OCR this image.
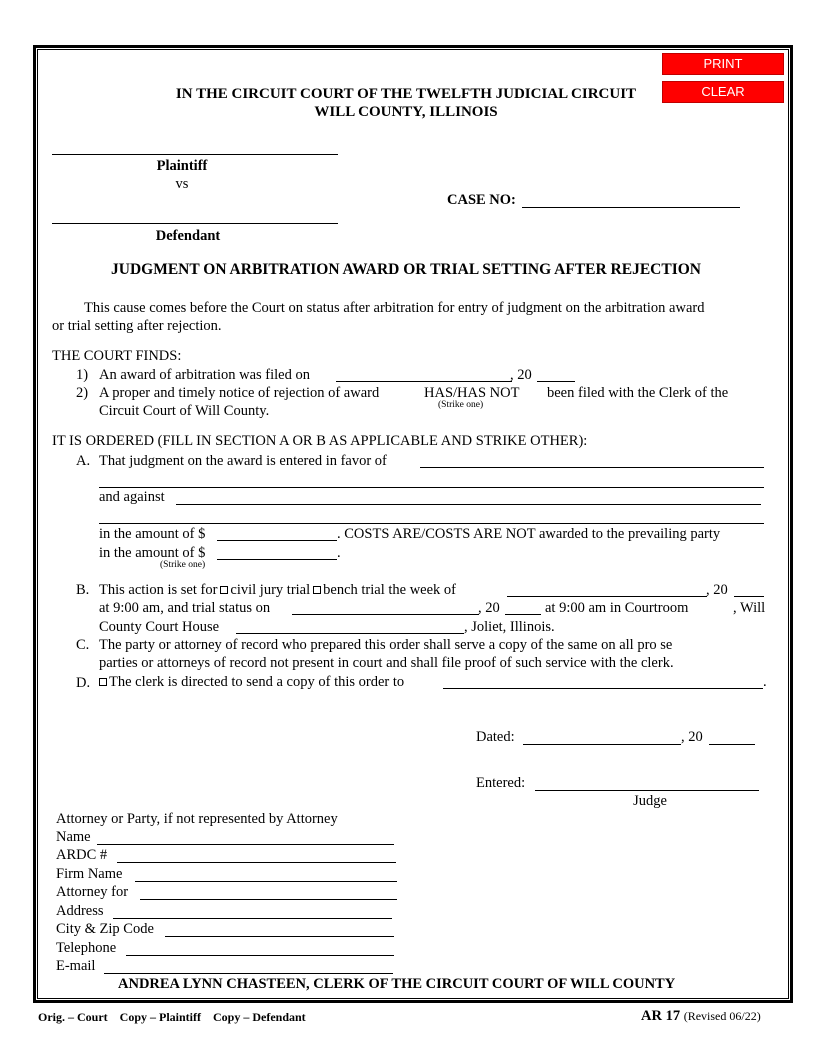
PRINT
CLEAR
IN THE CIRCUIT COURT OF THE TWELFTH JUDICIAL CIRCUIT
WILL COUNTY, ILLINOIS
Plaintiff
vs
CASE NO:
Defendant
JUDGMENT ON ARBITRATION AWARD OR TRIAL SETTING AFTER REJECTION
This cause comes before the Court on status after arbitration for entry of judgment on the arbitration award
or trial setting after rejection.
THE COURT FINDS:
1) An award of arbitration was filed on	, 20
2) A proper and timely notice of rejection of award	HAS/HAS NOT been filed with the Clerk of the
(Strike one)
Circuit Court of Will County.
IT IS ORDERED (FILL IN SECTION A OR B AS APPLICABLE AND STRIKE OTHER):
A. That judgment on the award is entered in favor of
and against
in the amount of $	. COSTS ARE/COSTS ARE NOT awarded to the prevailing party
in the amount of $	.
(Strike one)
B. This action is set for civil jury trial bench trial the week of	, 20
at 9:00 am, and trial status on	, 20	at 9:00 am in Courtroom	, Will
County Court House	, Joliet, Illinois.
C. The party or attorney of record who prepared this order shall serve a copy of the same on all pro se
parties or attorneys of record not present in court and shall file proof of such service with the clerk.
D.	The clerk is directed to send a copy of this order to	.
Dated:	, 20
Entered:
Judge
Attorney or Party, if not represented by Attorney
Name
ARDC #
Firm Name
Attorney for
Address
City & Zip Code
Telephone
E-mail
ANDREA LYNN CHASTEEN, CLERK OF THE CIRCUIT COURT OF WILL COUNTY
Orig. – Court    Copy – Plaintiff    Copy – Defendant	AR 17 (Revised 06/22)
